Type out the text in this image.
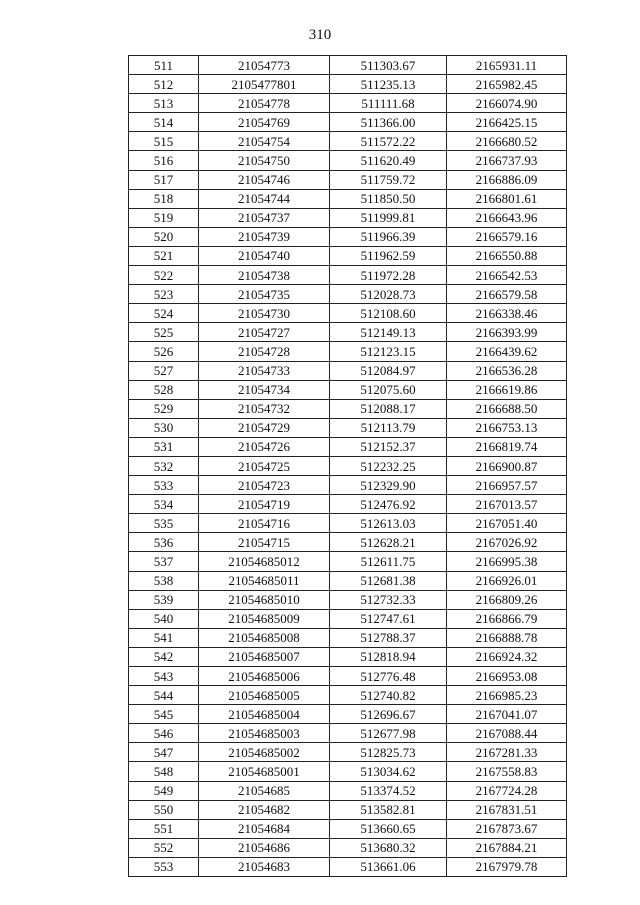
310
511	21054773	511303.67	2165931.11
512	2105477801	511235.13	2165982.45
513	21054778	511111.68	2166074.90
514	21054769	511366.00	2166425.15
515	21054754	511572.22	2166680.52
516	21054750	511620.49	2166737.93
517	21054746	511759.72	2166886.09
518	21054744	511850.50	2166801.61
519	21054737	511999.81	2166643.96
520	21054739	511966.39	2166579.16
521	21054740	511962.59	2166550.88
522	21054738	511972.28	2166542.53
523	21054735	512028.73	2166579.58
524	21054730	512108.60	2166338.46
525	21054727	512149.13	2166393.99
526	21054728	512123.15	2166439.62
527	21054733	512084.97	2166536.28
528	21054734	512075.60	2166619.86
529	21054732	512088.17	2166688.50
530	21054729	512113.79	2166753.13
531	21054726	512152.37	2166819.74
532	21054725	512232.25	2166900.87
533	21054723	512329.90	2166957.57
534	21054719	512476.92	2167013.57
535	21054716	512613.03	2167051.40
536	21054715	512628.21	2167026.92
537	21054685012	512611.75	2166995.38
538	21054685011	512681.38	2166926.01
539	21054685010	512732.33	2166809.26
540	21054685009	512747.61	2166866.79
541	21054685008	512788.37	2166888.78
542	21054685007	512818.94	2166924.32
543	21054685006	512776.48	2166953.08
544	21054685005	512740.82	2166985.23
545	21054685004	512696.67	2167041.07
546	21054685003	512677.98	2167088.44
547	21054685002	512825.73	2167281.33
548	21054685001	513034.62	2167558.83
549	21054685	513374.52	2167724.28
550	21054682	513582.81	2167831.51
551	21054684	513660.65	2167873.67
552	21054686	513680.32	2167884.21
553	21054683	513661.06	2167979.78
